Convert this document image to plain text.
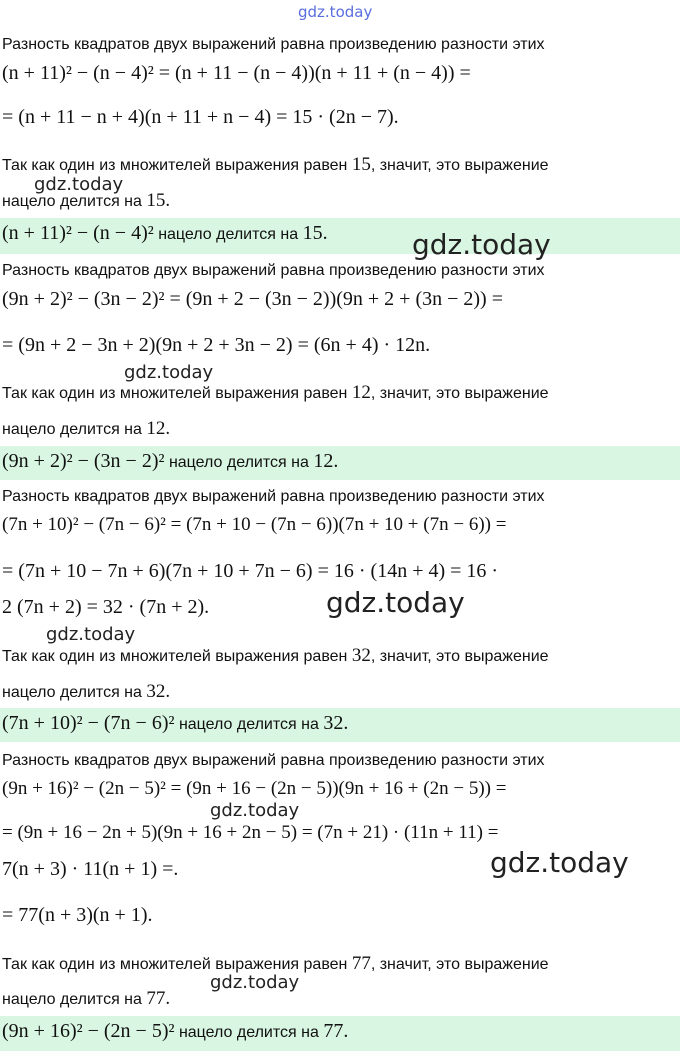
gdz.today
Разность квадратов двух выражений равна произведению разности этих
(n + 11)² − (n − 4)² = (n + 11 − (n − 4))(n + 11 + (n − 4)) =
= (n + 11 − n + 4)(n + 11 + n − 4) = 15 · (2n − 7).
Так как один из множителей выражения равен 15, значит, это выражение
нацело делится на 15.
(n + 11)² − (n − 4)² нацело делится на 15.
Разность квадратов двух выражений равна произведению разности этих
(9n + 2)² − (3n − 2)² = (9n + 2 − (3n − 2))(9n + 2 + (3n − 2)) =
= (9n + 2 − 3n + 2)(9n + 2 + 3n − 2) = (6n + 4) · 12n.
Так как один из множителей выражения равен 12, значит, это выражение
нацело делится на 12.
(9n + 2)² − (3n − 2)² нацело делится на 12.
Разность квадратов двух выражений равна произведению разности этих
(7n + 10)² − (7n − 6)² = (7n + 10 − (7n − 6))(7n + 10 + (7n − 6)) =
= (7n + 10 − 7n + 6)(7n + 10 + 7n − 6) = 16 · (14n + 4) = 16 ·
2 (7n + 2) = 32 · (7n + 2).
Так как один из множителей выражения равен 32, значит, это выражение
нацело делится на 32.
(7n + 10)² − (7n − 6)² нацело делится на 32.
Разность квадратов двух выражений равна произведению разности этих
(9n + 16)² − (2n − 5)² = (9n + 16 − (2n − 5))(9n + 16 + (2n − 5)) =
= (9n + 16 − 2n + 5)(9n + 16 + 2n − 5) = (7n + 21) · (11n + 11) =
7(n + 3) · 11(n + 1) =.
= 77(n + 3)(n + 1).
Так как один из множителей выражения равен 77, значит, это выражение
нацело делится на 77.
(9n + 16)² − (2n − 5)² нацело делится на 77.
gdz.today
gdz.today
gdz.today
gdz.today
gdz.today
gdz.today
gdz.today
gdz.today
